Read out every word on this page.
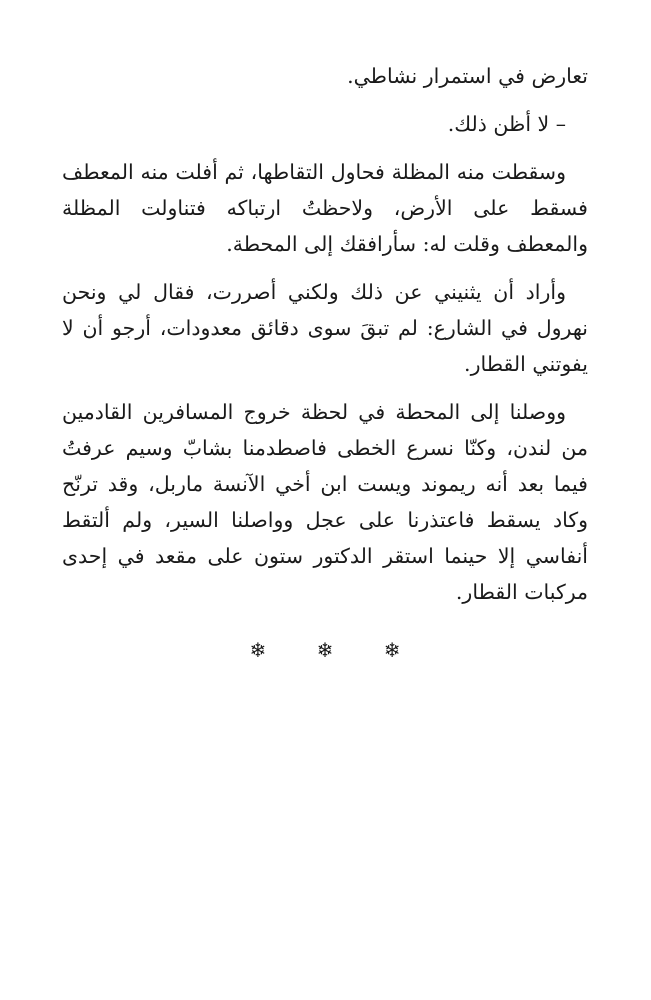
تعارض في استمرار نشاطي.

– لا أظن ذلك.

وسقطت منه المظلة فحاول التقاطها، ثم أفلت منه المعطف فسقط على الأرض، ولاحظتُ ارتباكه فتناولت المظلة والمعطف وقلت له: سأرافقك إلى المحطة.

وأراد أن يثنيني عن ذلك ولكني أصررت، فقال لي ونحن نهرول في الشارع: لم تبقَ سوى دقائق معدودات، أرجو أن لا يفوتني القطار.

ووصلنا إلى المحطة في لحظة خروج المسافرين القادمين من لندن، وكنّا نسرع الخطى فاصطدمنا بشابّ وسيم عرفتُ فيما بعد أنه ريموند ويست ابن أخي الآنسة ماربل، وقد ترنّح وكاد يسقط فاعتذرنا على عجل وواصلنا السير، ولم ألتقط أنفاسي إلا حينما استقر الدكتور ستون على مقعد في إحدى مركبات القطار.

❄ ❄ ❄
